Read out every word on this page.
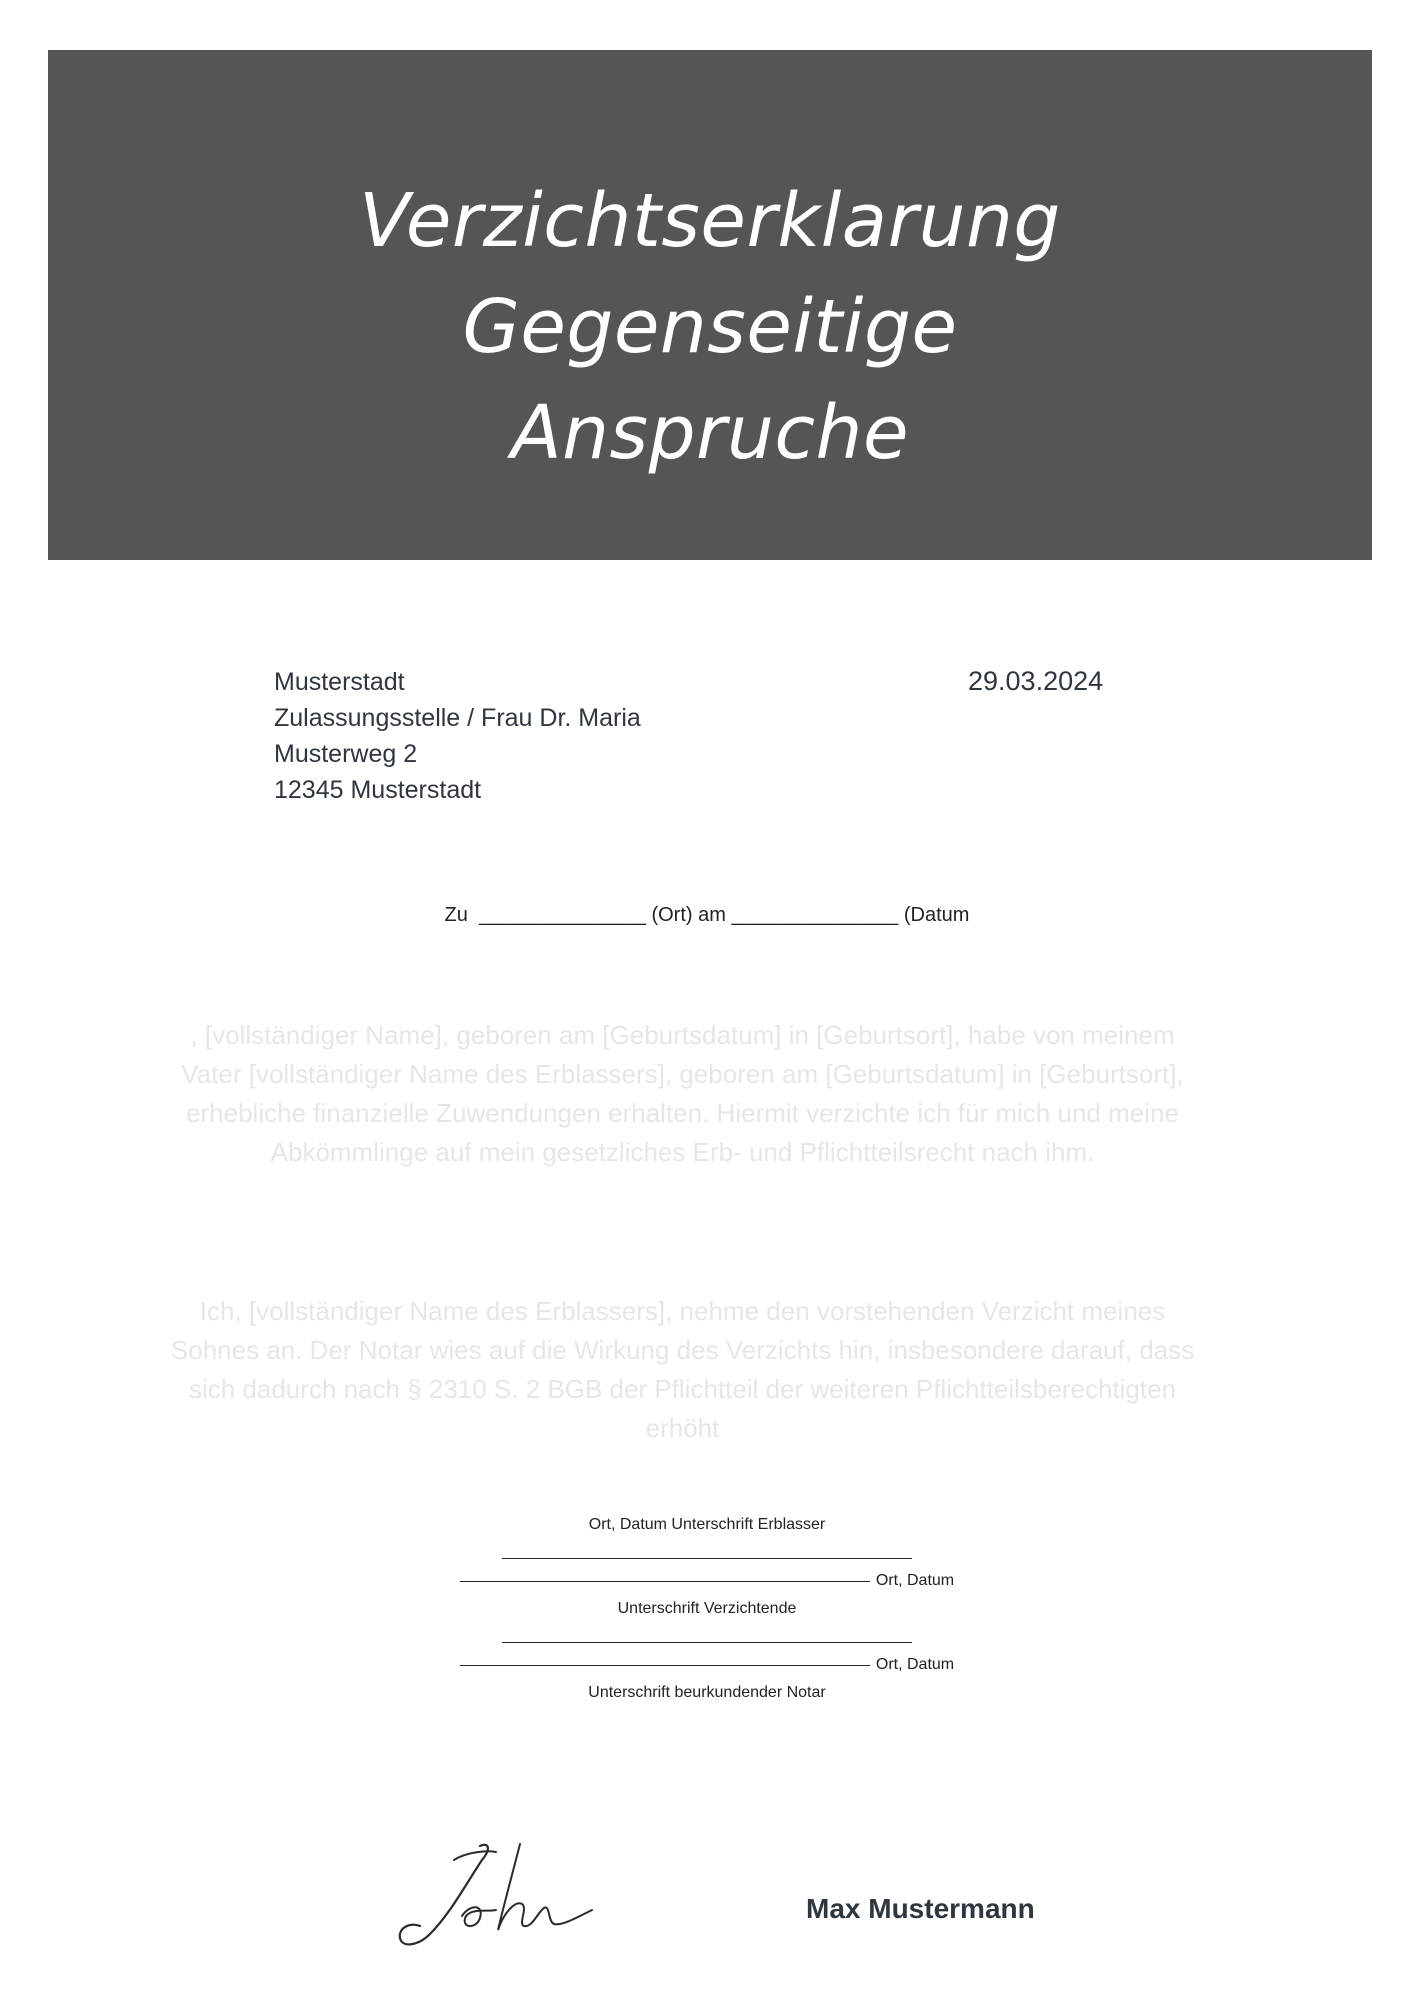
Verzichtserklarung
Gegenseitige
Anspruche
Musterstadt
Zulassungsstelle / Frau Dr. Maria
Musterweg 2
12345 Musterstadt
29.03.2024
Zu _______________ (Ort) am _______________ (Datum
, [vollständiger Name], geboren am [Geburtsdatum] in [Geburtsort], habe von meinem Vater [vollständiger Name des Erblassers], geboren am [Geburtsdatum] in [Geburtsort], erhebliche finanzielle Zuwendungen erhalten. Hiermit verzichte ich für mich und meine Abkömmlinge auf mein gesetzliches Erb- und Pflichtteilsrecht nach ihm.
Ich, [vollständiger Name des Erblassers], nehme den vorstehenden Verzicht meines Sohnes an. Der Notar wies auf die Wirkung des Verzichts hin, insbesondere darauf, dass sich dadurch nach § 2310 S. 2 BGB der Pflichtteil der weiteren Pflichtteilsberechtigten erhöht
Ort, Datum Unterschrift Erblasser
Ort, Datum
Unterschrift Verzichtende
Ort, Datum
Unterschrift beurkundender Notar
Max Mustermann
